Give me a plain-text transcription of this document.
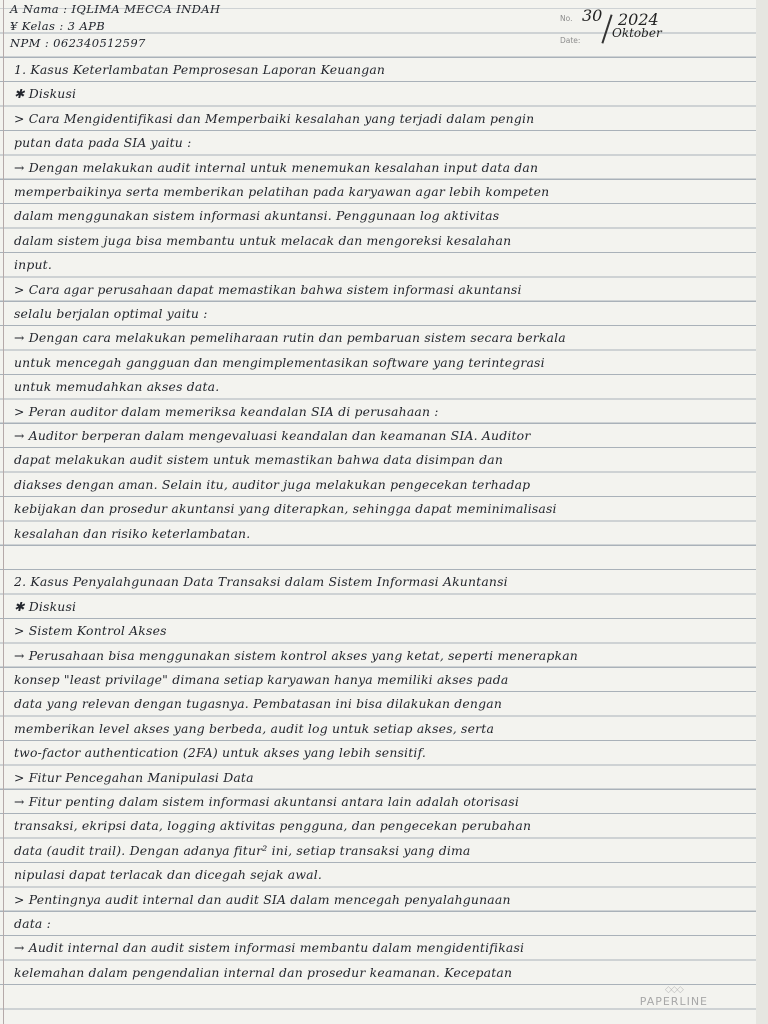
A Nama : IQLIMA MECCA INDAH
¥ Kelas : 3 APB
NPM : 062340512597
No.
Date:
30 2024
Oktober
1. Kasus Keterlambatan Pemprosesan Laporan Keuangan
✱ Diskusi
> Cara Mengidentifikasi dan Memperbaiki kesalahan yang terjadi dalam pengin
putan data pada SIA yaitu :
→ Dengan melakukan audit internal untuk menemukan kesalahan input data dan
memperbaikinya serta memberikan pelatihan pada karyawan agar lebih kompeten
dalam menggunakan sistem informasi akuntansi. Penggunaan log aktivitas
dalam sistem juga bisa membantu untuk melacak dan mengoreksi kesalahan
input.
> Cara agar perusahaan dapat memastikan bahwa sistem informasi akuntansi
selalu berjalan optimal yaitu :
→ Dengan cara melakukan pemeliharaan rutin dan pembaruan sistem secara berkala
untuk mencegah gangguan dan mengimplementasikan software yang terintegrasi
untuk memudahkan akses data.
> Peran auditor dalam memeriksa keandalan SIA di perusahaan :
→ Auditor berperan dalam mengevaluasi keandalan dan keamanan SIA. Auditor
dapat melakukan audit sistem untuk memastikan bahwa data disimpan dan
diakses dengan aman. Selain itu, auditor juga melakukan pengecekan terhadap
kebijakan dan prosedur akuntansi yang diterapkan, sehingga dapat meminimalisasi
kesalahan dan risiko keterlambatan.
2. Kasus Penyalahgunaan Data Transaksi dalam Sistem Informasi Akuntansi
✱ Diskusi
> Sistem Kontrol Akses
→ Perusahaan bisa menggunakan sistem kontrol akses yang ketat, seperti menerapkan
konsep "least privilage" dimana setiap karyawan hanya memiliki akses pada
data yang relevan dengan tugasnya. Pembatasan ini bisa dilakukan dengan
memberikan level akses yang berbeda, audit log untuk setiap akses, serta
two-factor authentication (2FA) untuk akses yang lebih sensitif.
> Fitur Pencegahan Manipulasi Data
→ Fitur penting dalam sistem informasi akuntansi antara lain adalah otorisasi
transaksi, ekripsi data, logging aktivitas pengguna, dan pengecekan perubahan
data (audit trail). Dengan adanya fitur² ini, setiap transaksi yang dima
nipulasi dapat terlacak dan dicegah sejak awal.
> Pentingnya audit internal dan audit SIA dalam mencegah penyalahgunaan
data :
→ Audit internal dan audit sistem informasi membantu dalam mengidentifikasi
kelemahan dalam pengendalian internal dan prosedur keamanan. Kecepatan
◇◇◇
PAPERLINE
